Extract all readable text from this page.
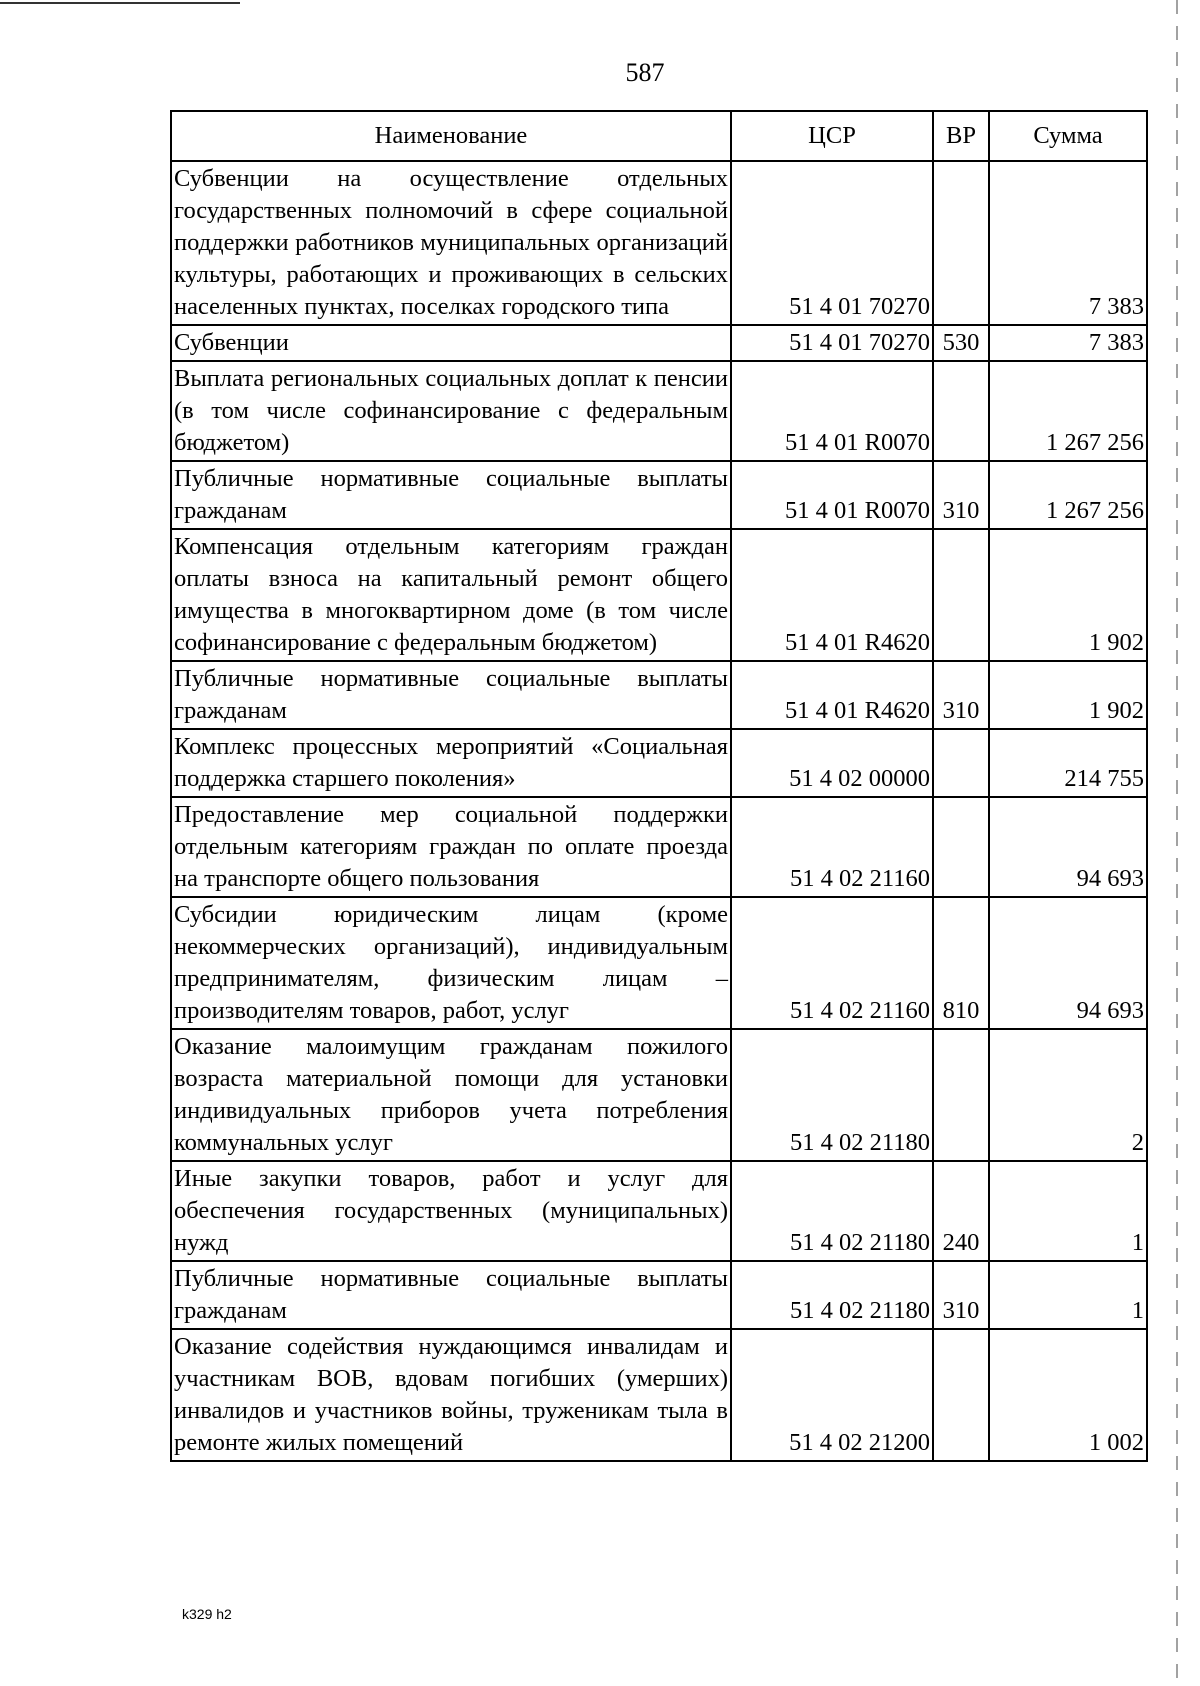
587
Наименование	ЦСР	ВР	Сумма
Субвенции на осуществление отдельных государственных полномочий в сфере социальной поддержки работников муниципальных организаций культуры, работающих и проживающих в сельских населенных пунктах, поселках городского типа	51 4 01 70270		7 383
Субвенции	51 4 01 70270	530	7 383
Выплата региональных социальных доплат к пенсии (в том числе софинансирование с федеральным бюджетом)	51 4 01 R0070		1 267 256
Публичные нормативные социальные выплаты гражданам	51 4 01 R0070	310	1 267 256
Компенсация отдельным категориям граждан оплаты взноса на капитальный ремонт общего имущества в многоквартирном доме (в том числе софинансирование с федеральным бюджетом)	51 4 01 R4620		1 902
Публичные нормативные социальные выплаты гражданам	51 4 01 R4620	310	1 902
Комплекс процессных мероприятий «Социальная поддержка старшего поколения»	51 4 02 00000		214 755
Предоставление мер социальной поддержки отдельным категориям граждан по оплате проезда на транспорте общего пользования	51 4 02 21160		94 693
Субсидии юридическим лицам (кроме некоммерческих организаций), индивидуальным предпринимателям, физическим лицам – производителям товаров, работ, услуг	51 4 02 21160	810	94 693
Оказание малоимущим гражданам пожилого возраста материальной помощи для установки индивидуальных приборов учета потребления коммунальных услуг	51 4 02 21180		2
Иные закупки товаров, работ и услуг для обеспечения государственных (муниципальных) нужд	51 4 02 21180	240	1
Публичные нормативные социальные выплаты гражданам	51 4 02 21180	310	1
Оказание содействия нуждающимся инвалидам и участникам ВОВ, вдовам погибших (умерших) инвалидов и участников войны, труженикам тыла в ремонте жилых помещений	51 4 02 21200		1 002
k329 h2
